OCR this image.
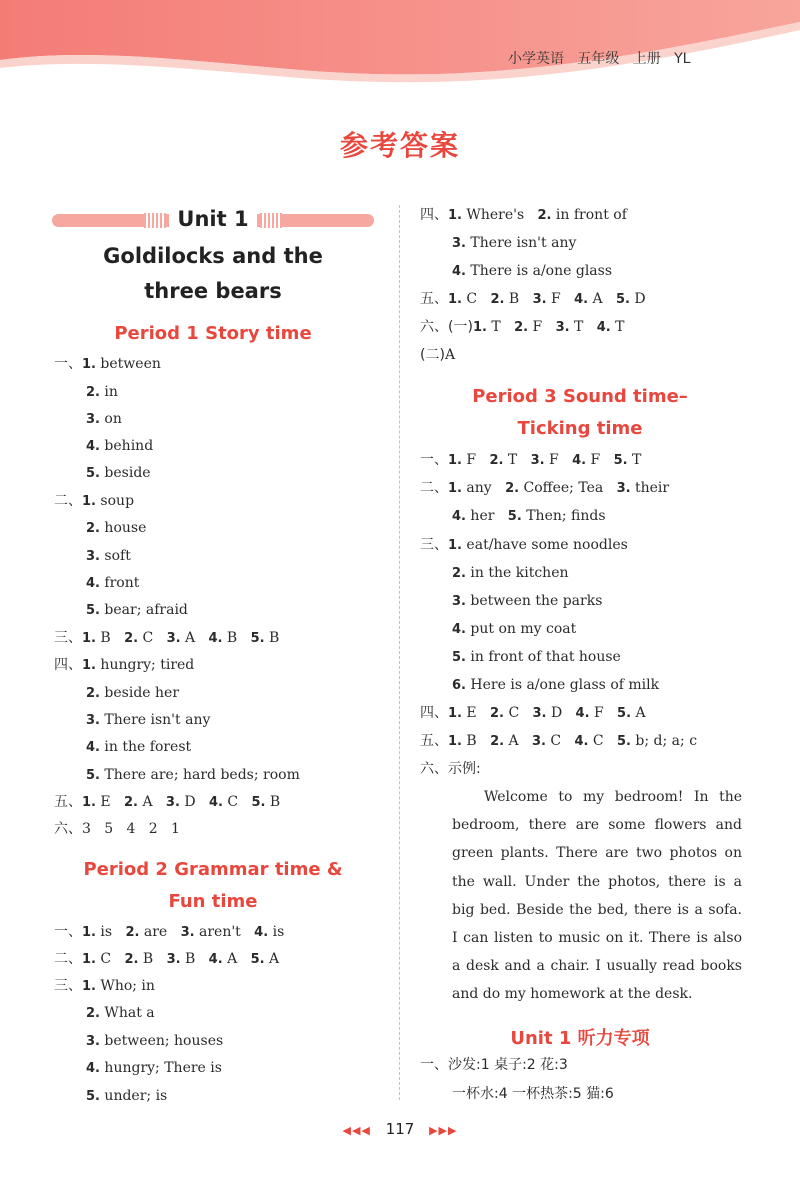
小学英语 五年级 上册 YL
参考答案
Unit 1
Goldilocks and the
three bears
Period 1 Story time
Period 2 Grammar time &
Fun time
Period 3 Sound time–
Ticking time
一、1. between
2. in
3. on
4. behind
5. beside
二、1. soup
2. house
3. soft
4. front
5. bear; afraid
三、1. B   2. C   3. A   4. B   5. B
四、1. hungry; tired
2. beside her
3. There isn't any
4. in the forest
5. There are; hard beds; room
五、1. E   2. A   3. D   4. C   5. B
六、3   5   4   2   1
一、1. is   2. are   3. aren't   4. is
二、1. C   2. B   3. B   4. A   5. A
三、1. Who; in
2. What a
3. between; houses
4. hungry; There is
5. under; is
四、1. Where's   2. in front of
3. There isn't any
4. There is a/one glass
五、1. C   2. B   3. F   4. A   5. D
六、(一)1. T   2. F   3. T   4. T
(二)A
一、1. F   2. T   3. F   4. F   5. T
二、1. any   2. Coffee; Tea   3. their
4. her   5. Then; finds
三、1. eat/have some noodles
2. in the kitchen
3. between the parks
4. put on my coat
5. in front of that house
6. Here is a/one glass of milk
四、1. E   2. C   3. D   4. F   5. A
五、1. B   2. A   3. C   4. C   5. b; d; a; c
六、示例:
Welcome to my bedroom! In the bedroom, there are some flowers and green plants. There are two photos on the wall. Under the photos, there is a big bed. Beside the bed, there is a sofa. I can listen to music on it. There is also a desk and a chair. I usually read books and do my homework at the desk.
Unit 1 听力专项
一、沙发:1 桌子:2 花:3
一杯水:4 一杯热茶:5 猫:6
◀◀◀ 117 ▶▶▶
